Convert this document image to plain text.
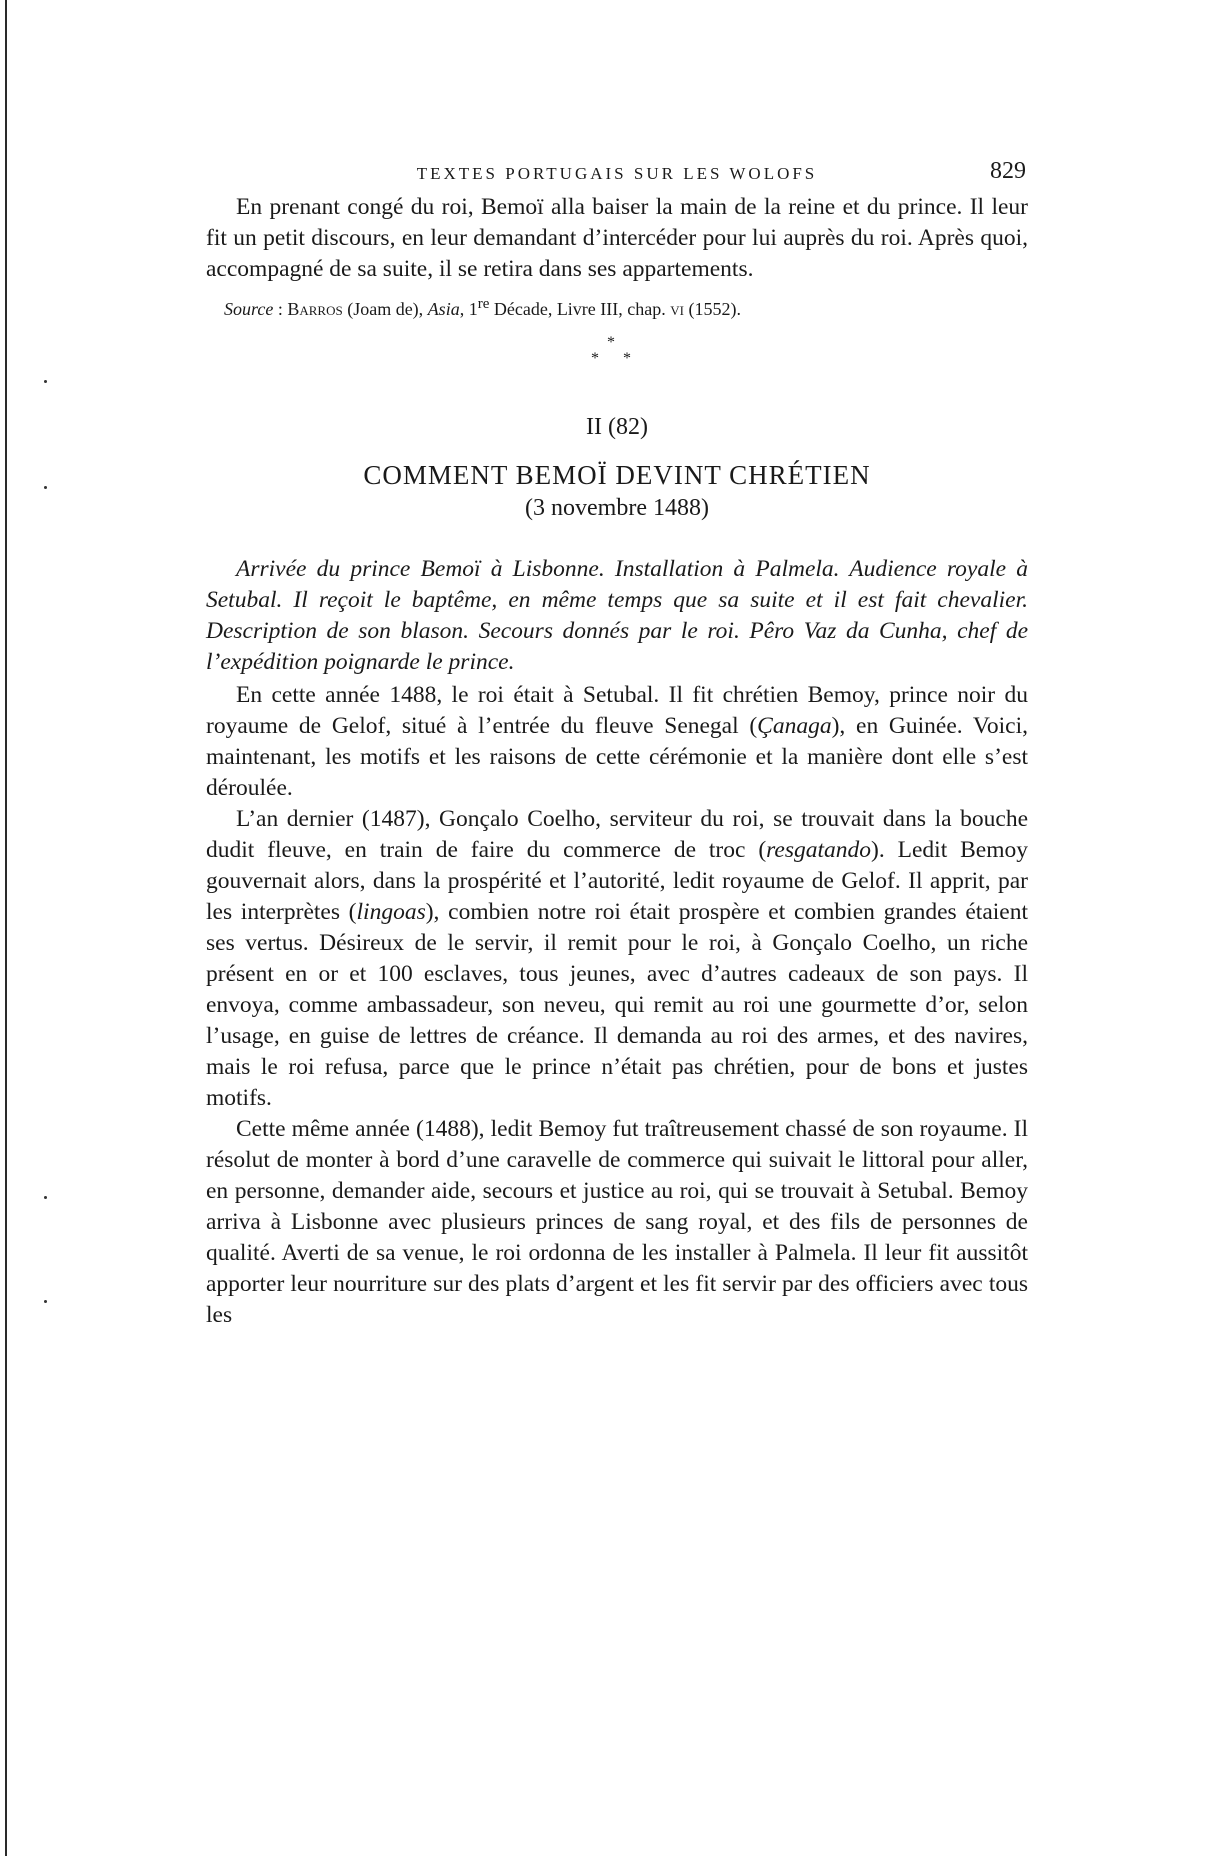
TEXTES PORTUGAIS SUR LES WOLOFS	829

En prenant congé du roi, Bemoï alla baiser la main de la reine et du prince. Il leur fit un petit discours, en leur demandant d’intercéder pour lui auprès du roi. Après quoi, accompagné de sa suite, il se retira dans ses appartements.

Source : Barros (Joam de), Asia, 1re Décade, Livre III, chap. vi (1552).

*
* *
II (82)
COMMENT BEMOÏ DEVINT CHRÉTIEN
(3 novembre 1488)

Arrivée du prince Bemoï à Lisbonne. Installation à Palmela. Audience royale à Setubal. Il reçoit le baptême, en même temps que sa suite et il est fait chevalier. Description de son blason. Secours donnés par le roi. Pêro Vaz da Cunha, chef de l’expédition poignarde le prince.

En cette année 1488, le roi était à Setubal. Il fit chrétien Bemoy, prince noir du royaume de Gelof, situé à l’entrée du fleuve Senegal (Çanaga), en Guinée. Voici, maintenant, les motifs et les raisons de cette cérémonie et la manière dont elle s’est déroulée.

L’an dernier (1487), Gonçalo Coelho, serviteur du roi, se trouvait dans la bouche dudit fleuve, en train de faire du commerce de troc (resgatando). Ledit Bemoy gouvernait alors, dans la prospérité et l’autorité, ledit royaume de Gelof. Il apprit, par les interprètes (lingoas), combien notre roi était prospère et combien grandes étaient ses vertus. Désireux de le servir, il remit pour le roi, à Gonçalo Coelho, un riche présent en or et 100 esclaves, tous jeunes, avec d’autres cadeaux de son pays. Il envoya, comme ambassadeur, son neveu, qui remit au roi une gourmette d’or, selon l’usage, en guise de lettres de créance. Il demanda au roi des armes, et des navires, mais le roi refusa, parce que le prince n’était pas chrétien, pour de bons et justes motifs.

Cette même année (1488), ledit Bemoy fut traîtreusement chassé de son royaume. Il résolut de monter à bord d’une caravelle de commerce qui suivait le littoral pour aller, en personne, demander aide, secours et justice au roi, qui se trouvait à Setubal. Bemoy arriva à Lisbonne avec plusieurs princes de sang royal, et des fils de personnes de qualité. Averti de sa venue, le roi ordonna de les installer à Palmela. Il leur fit aussitôt apporter leur nourriture sur des plats d’argent et les fit servir par des officiers avec tous les
